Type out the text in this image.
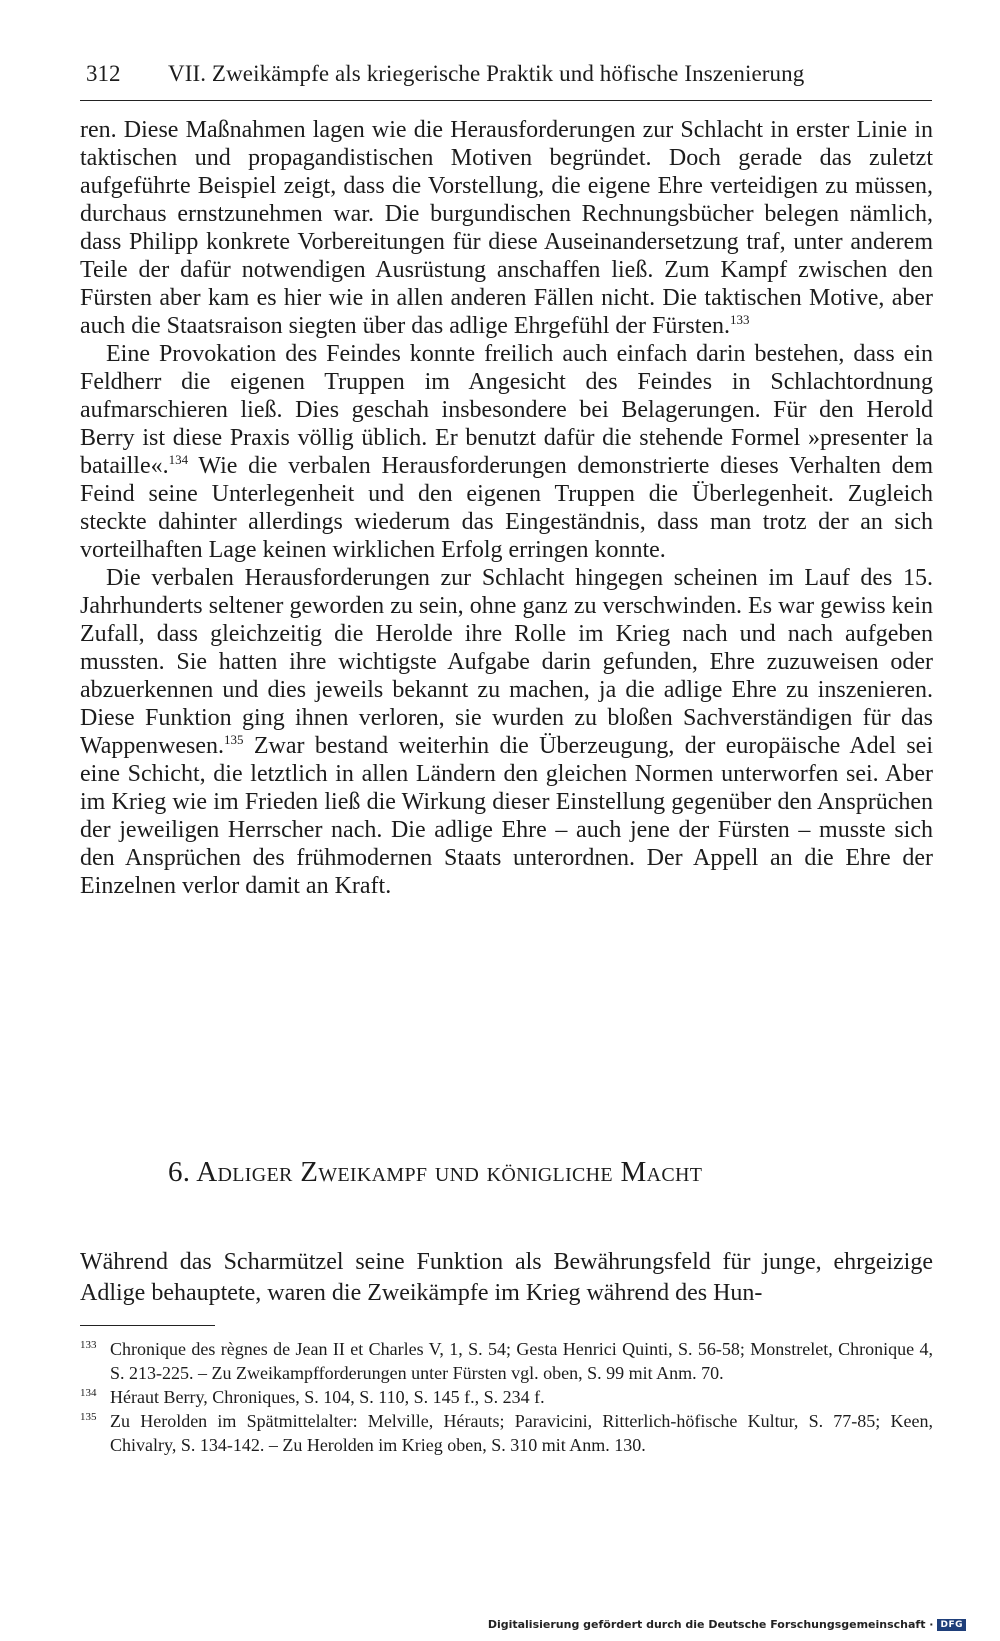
312 VII. Zweikämpfe als kriegerische Praktik und höfische Inszenierung

ren. Diese Maßnahmen lagen wie die Herausforderungen zur Schlacht in erster Linie in taktischen und propagandistischen Motiven begründet. Doch gerade das zuletzt aufgeführte Beispiel zeigt, dass die Vorstellung, die eigene Ehre verteidigen zu müssen, durchaus ernstzunehmen war. Die burgundischen Rechnungsbücher belegen nämlich, dass Philipp konkrete Vorbereitungen für diese Auseinandersetzung traf, unter anderem Teile der dafür notwendigen Ausrüstung anschaffen ließ. Zum Kampf zwischen den Fürsten aber kam es hier wie in allen anderen Fällen nicht. Die taktischen Motive, aber auch die Staatsraison siegten über das adlige Ehrgefühl der Fürsten.$^{133}$

Eine Provokation des Feindes konnte freilich auch einfach darin bestehen, dass ein Feldherr die eigenen Truppen im Angesicht des Feindes in Schlachtordnung aufmarschieren ließ. Dies geschah insbesondere bei Belagerungen. Für den Herold Berry ist diese Praxis völlig üblich. Er benutzt dafür die stehende Formel »presenter la bataille«.$^{134}$ Wie die verbalen Herausforderungen demonstrierte dieses Verhalten dem Feind seine Unterlegenheit und den eigenen Truppen die Überlegenheit. Zugleich steckte dahinter allerdings wiederum das Eingeständnis, dass man trotz der an sich vorteilhaften Lage keinen wirklichen Erfolg erringen konnte.

Die verbalen Herausforderungen zur Schlacht hingegen scheinen im Lauf des 15. Jahrhunderts seltener geworden zu sein, ohne ganz zu verschwinden. Es war gewiss kein Zufall, dass gleichzeitig die Herolde ihre Rolle im Krieg nach und nach aufgeben mussten. Sie hatten ihre wichtigste Aufgabe darin gefunden, Ehre zuzuweisen oder abzuerkennen und dies jeweils bekannt zu machen, ja die adlige Ehre zu inszenieren. Diese Funktion ging ihnen verloren, sie wurden zu bloßen Sachverständigen für das Wappenwesen.$^{135}$ Zwar bestand weiterhin die Überzeugung, der europäische Adel sei eine Schicht, die letztlich in allen Ländern den gleichen Normen unterworfen sei. Aber im Krieg wie im Frieden ließ die Wirkung dieser Einstellung gegenüber den Ansprüchen der jeweiligen Herrscher nach. Die adlige Ehre – auch jene der Fürsten – musste sich den Ansprüchen des frühmodernen Staats unterordnen. Der Appell an die Ehre der Einzelnen verlor damit an Kraft.

6. Adliger Zweikampf und königliche Macht

Während das Scharmützel seine Funktion als Bewährungsfeld für junge, ehrgeizige Adlige behauptete, waren die Zweikämpfe im Krieg während des Hun-

133 Chronique des règnes de Jean II et Charles V, 1, S. 54; Gesta Henrici Quinti, S. 56-58; Monstrelet, Chronique 4, S. 213-225. – Zu Zweikampfforderungen unter Fürsten vgl. oben, S. 99 mit Anm. 70.
134 Héraut Berry, Chroniques, S. 104, S. 110, S. 145 f., S. 234 f.
135 Zu Herolden im Spätmittelalter: Melville, Hérauts; Paravicini, Ritterlich-höfische Kultur, S. 77-85; Keen, Chivalry, S. 134-142. – Zu Herolden im Krieg oben, S. 310 mit Anm. 130.
Digitalisierung gefördert durch die Deutsche Forschungsgemeinschaft · DFG
